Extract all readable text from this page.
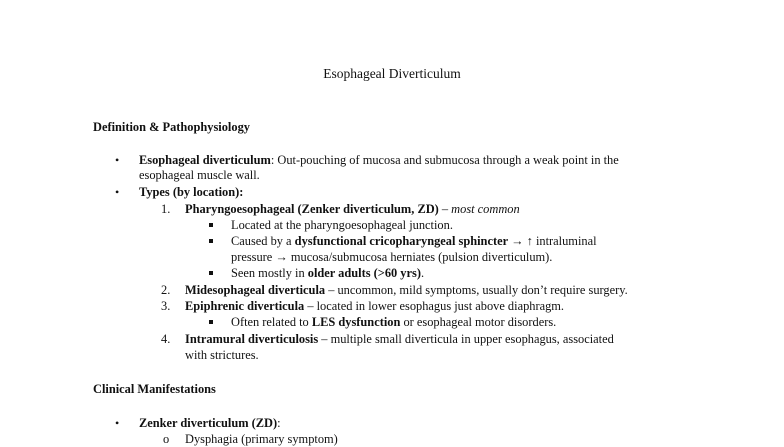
Esophageal Diverticulum
Definition & Pathophysiology
• Esophageal diverticulum: Out-pouching of mucosa and submucosa through a weak point in the
esophageal muscle wall.
• Types (by location):
1. Pharyngoesophageal (Zenker diverticulum, ZD) – most common
Located at the pharyngoesophageal junction.
Caused by a dysfunctional cricopharyngeal sphincter → ↑ intraluminal
pressure → mucosa/submucosa herniates (pulsion diverticulum).
Seen mostly in older adults (>60 yrs).
2. Midesophageal diverticula – uncommon, mild symptoms, usually don’t require surgery.
3. Epiphrenic diverticula – located in lower esophagus just above diaphragm.
Often related to LES dysfunction or esophageal motor disorders.
4. Intramural diverticulosis – multiple small diverticula in upper esophagus, associated
with strictures.
Clinical Manifestations
• Zenker diverticulum (ZD):
o Dysphagia (primary symptom)
